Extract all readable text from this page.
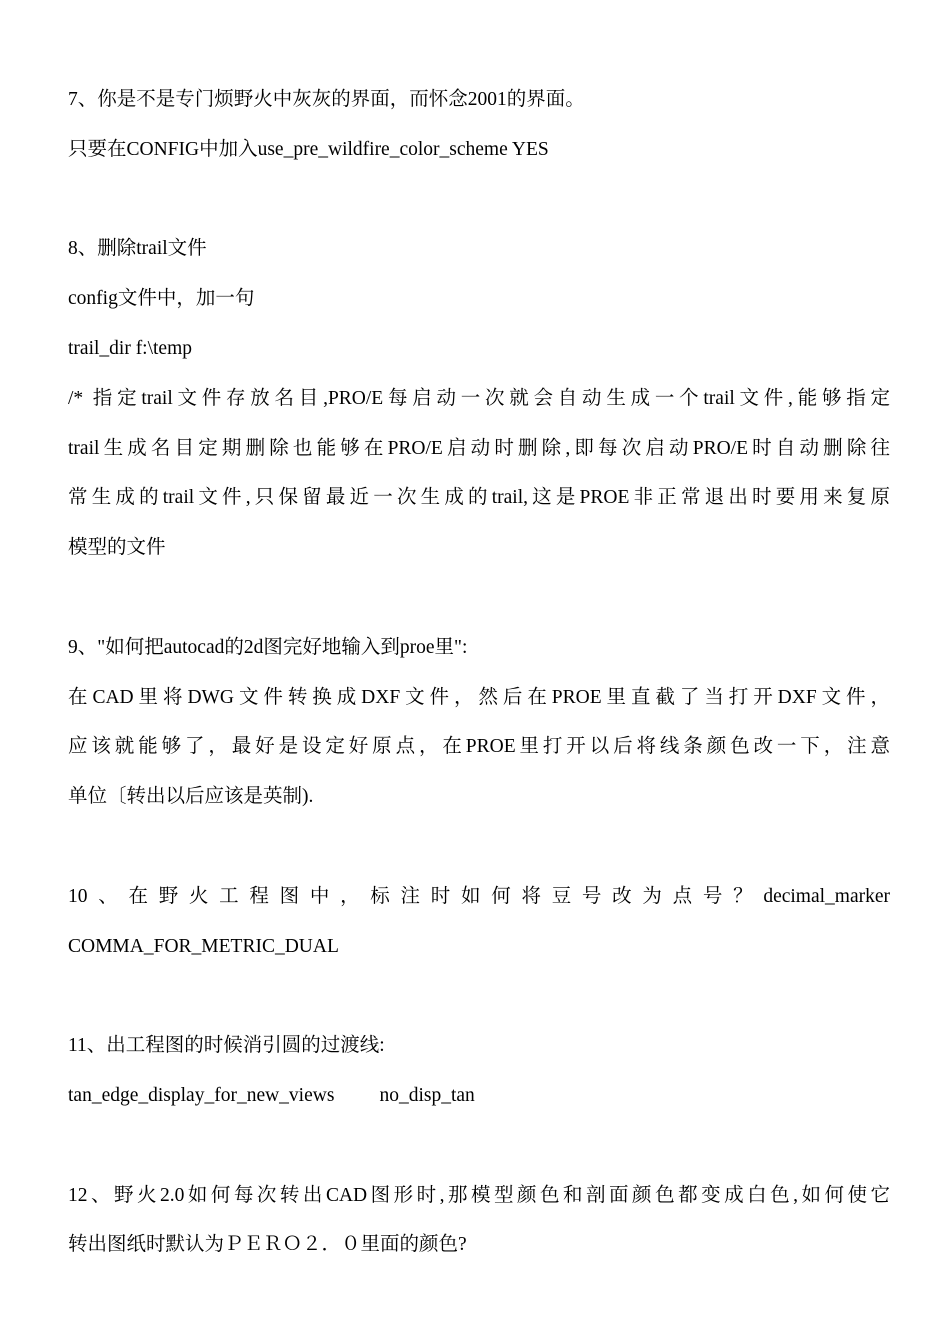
7、你是不是专门烦野火中灰灰的界面，而怀念2001的界面。
只要在CONFIG中加入use_pre_wildfire_color_scheme YES
8、删除trail文件
config文件中，加一句
trail_dir f:\temp
/* 指定trail文件存放名目,PRO/E每启动一次就会自动生成一个trail文件,能够指定
trail生成名目定期删除也能够在PRO/E启动时删除,即每次启动PRO/E时自动删除往
常生成的trail文件,只保留最近一次生成的trail,这是PROE非正常退出时要用来复原
模型的文件
9、"如何把autocad的2d图完好地输入到proe里":
在CAD里将DWG文件转换成DXF文件，然后在PROE里直截了当打开DXF文件，
应该就能够了，最好是设定好原点，在PROE里打开以后将线条颜色改一下，注意
单位〔转出以后应该是英制).
10、在野火工程图中，标注时如何将豆号改为点号？decimal_marker
COMMA_FOR_METRIC_DUAL
11、出工程图的时候消引圆的过渡线:
tan_edge_display_for_new_views no_disp_tan
12、野火2.0如何每次转出CAD图形时,那模型颜色和剖面颜色都变成白色,如何使它
转出图纸时默认为ＰＥＲＯ２．０里面的颜色?
